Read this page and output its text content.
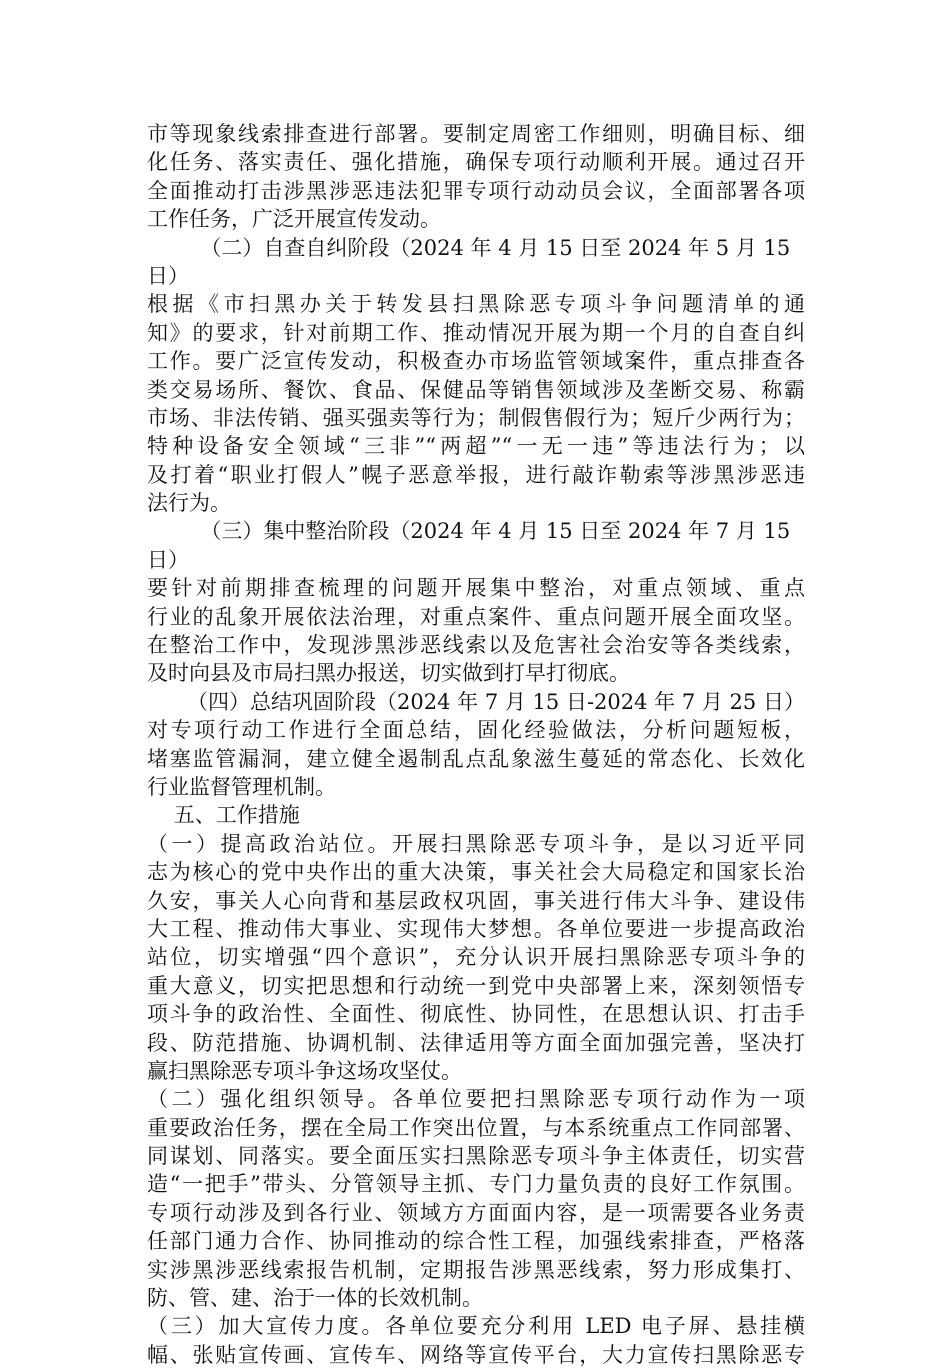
市等现象线索排查进行部署。要制定周密工作细则，明确目标、细
化任务、落实责任、强化措施，确保专项行动顺利开展。通过召开
全面推动打击涉黑涉恶违法犯罪专项行动动员会议，全面部署各项
工作任务，广泛开展宣传发动。
（二）自查自纠阶段（2024 年 4 月 15 日至 2024 年 5 月 15
日）
根据《市扫黑办关于转发县扫黑除恶专项斗争问题清单的通
知》的要求，针对前期工作、推动情况开展为期一个月的自查自纠
工作。要广泛宣传发动，积极查办市场监管领域案件，重点排查各
类交易场所、餐饮、食品、保健品等销售领域涉及垄断交易、称霸
市场、非法传销、强买强卖等行为；制假售假行为；短斤少两行为；
特种设备安全领域“三非”“两超”“一无一违”等违法行为；以
及打着“职业打假人”幌子恶意举报，进行敲诈勒索等涉黑涉恶违
法行为。
（三）集中整治阶段（2024 年 4 月 15 日至 2024 年 7 月 15
日）
要针对前期排查梳理的问题开展集中整治，对重点领域、重点
行业的乱象开展依法治理，对重点案件、重点问题开展全面攻坚。
在整治工作中，发现涉黑涉恶线索以及危害社会治安等各类线索，
及时向县及市局扫黑办报送，切实做到打早打彻底。
（四）总结巩固阶段（2024 年 7 月 15 日-2024 年 7 月 25 日）
对专项行动工作进行全面总结，固化经验做法，分析问题短板，
堵塞监管漏洞，建立健全遏制乱点乱象滋生蔓延的常态化、长效化
行业监督管理机制。
五、工作措施
（一）提高政治站位。开展扫黑除恶专项斗争，是以习近平同
志为核心的党中央作出的重大决策，事关社会大局稳定和国家长治
久安，事关人心向背和基层政权巩固，事关进行伟大斗争、建设伟
大工程、推动伟大事业、实现伟大梦想。各单位要进一步提高政治
站位，切实增强“四个意识”，充分认识开展扫黑除恶专项斗争的
重大意义，切实把思想和行动统一到党中央部署上来，深刻领悟专
项斗争的政治性、全面性、彻底性、协同性，在思想认识、打击手
段、防范措施、协调机制、法律适用等方面全面加强完善，坚决打
赢扫黑除恶专项斗争这场攻坚仗。
（二）强化组织领导。各单位要把扫黑除恶专项行动作为一项
重要政治任务，摆在全局工作突出位置，与本系统重点工作同部署、
同谋划、同落实。要全面压实扫黑除恶专项斗争主体责任，切实营
造“一把手”带头、分管领导主抓、专门力量负责的良好工作氛围。
专项行动涉及到各行业、领域方方面面内容，是一项需要各业务责
任部门通力合作、协同推动的综合性工程，加强线索排查，严格落
实涉黑涉恶线索报告机制，定期报告涉黑恶线索，努力形成集打、
防、管、建、治于一体的长效机制。
（三）加大宣传力度。各单位要充分利用 LED 电子屏、悬挂横
幅、张贴宣传画、宣传车、网络等宣传平台，大力宣传扫黑除恶专
